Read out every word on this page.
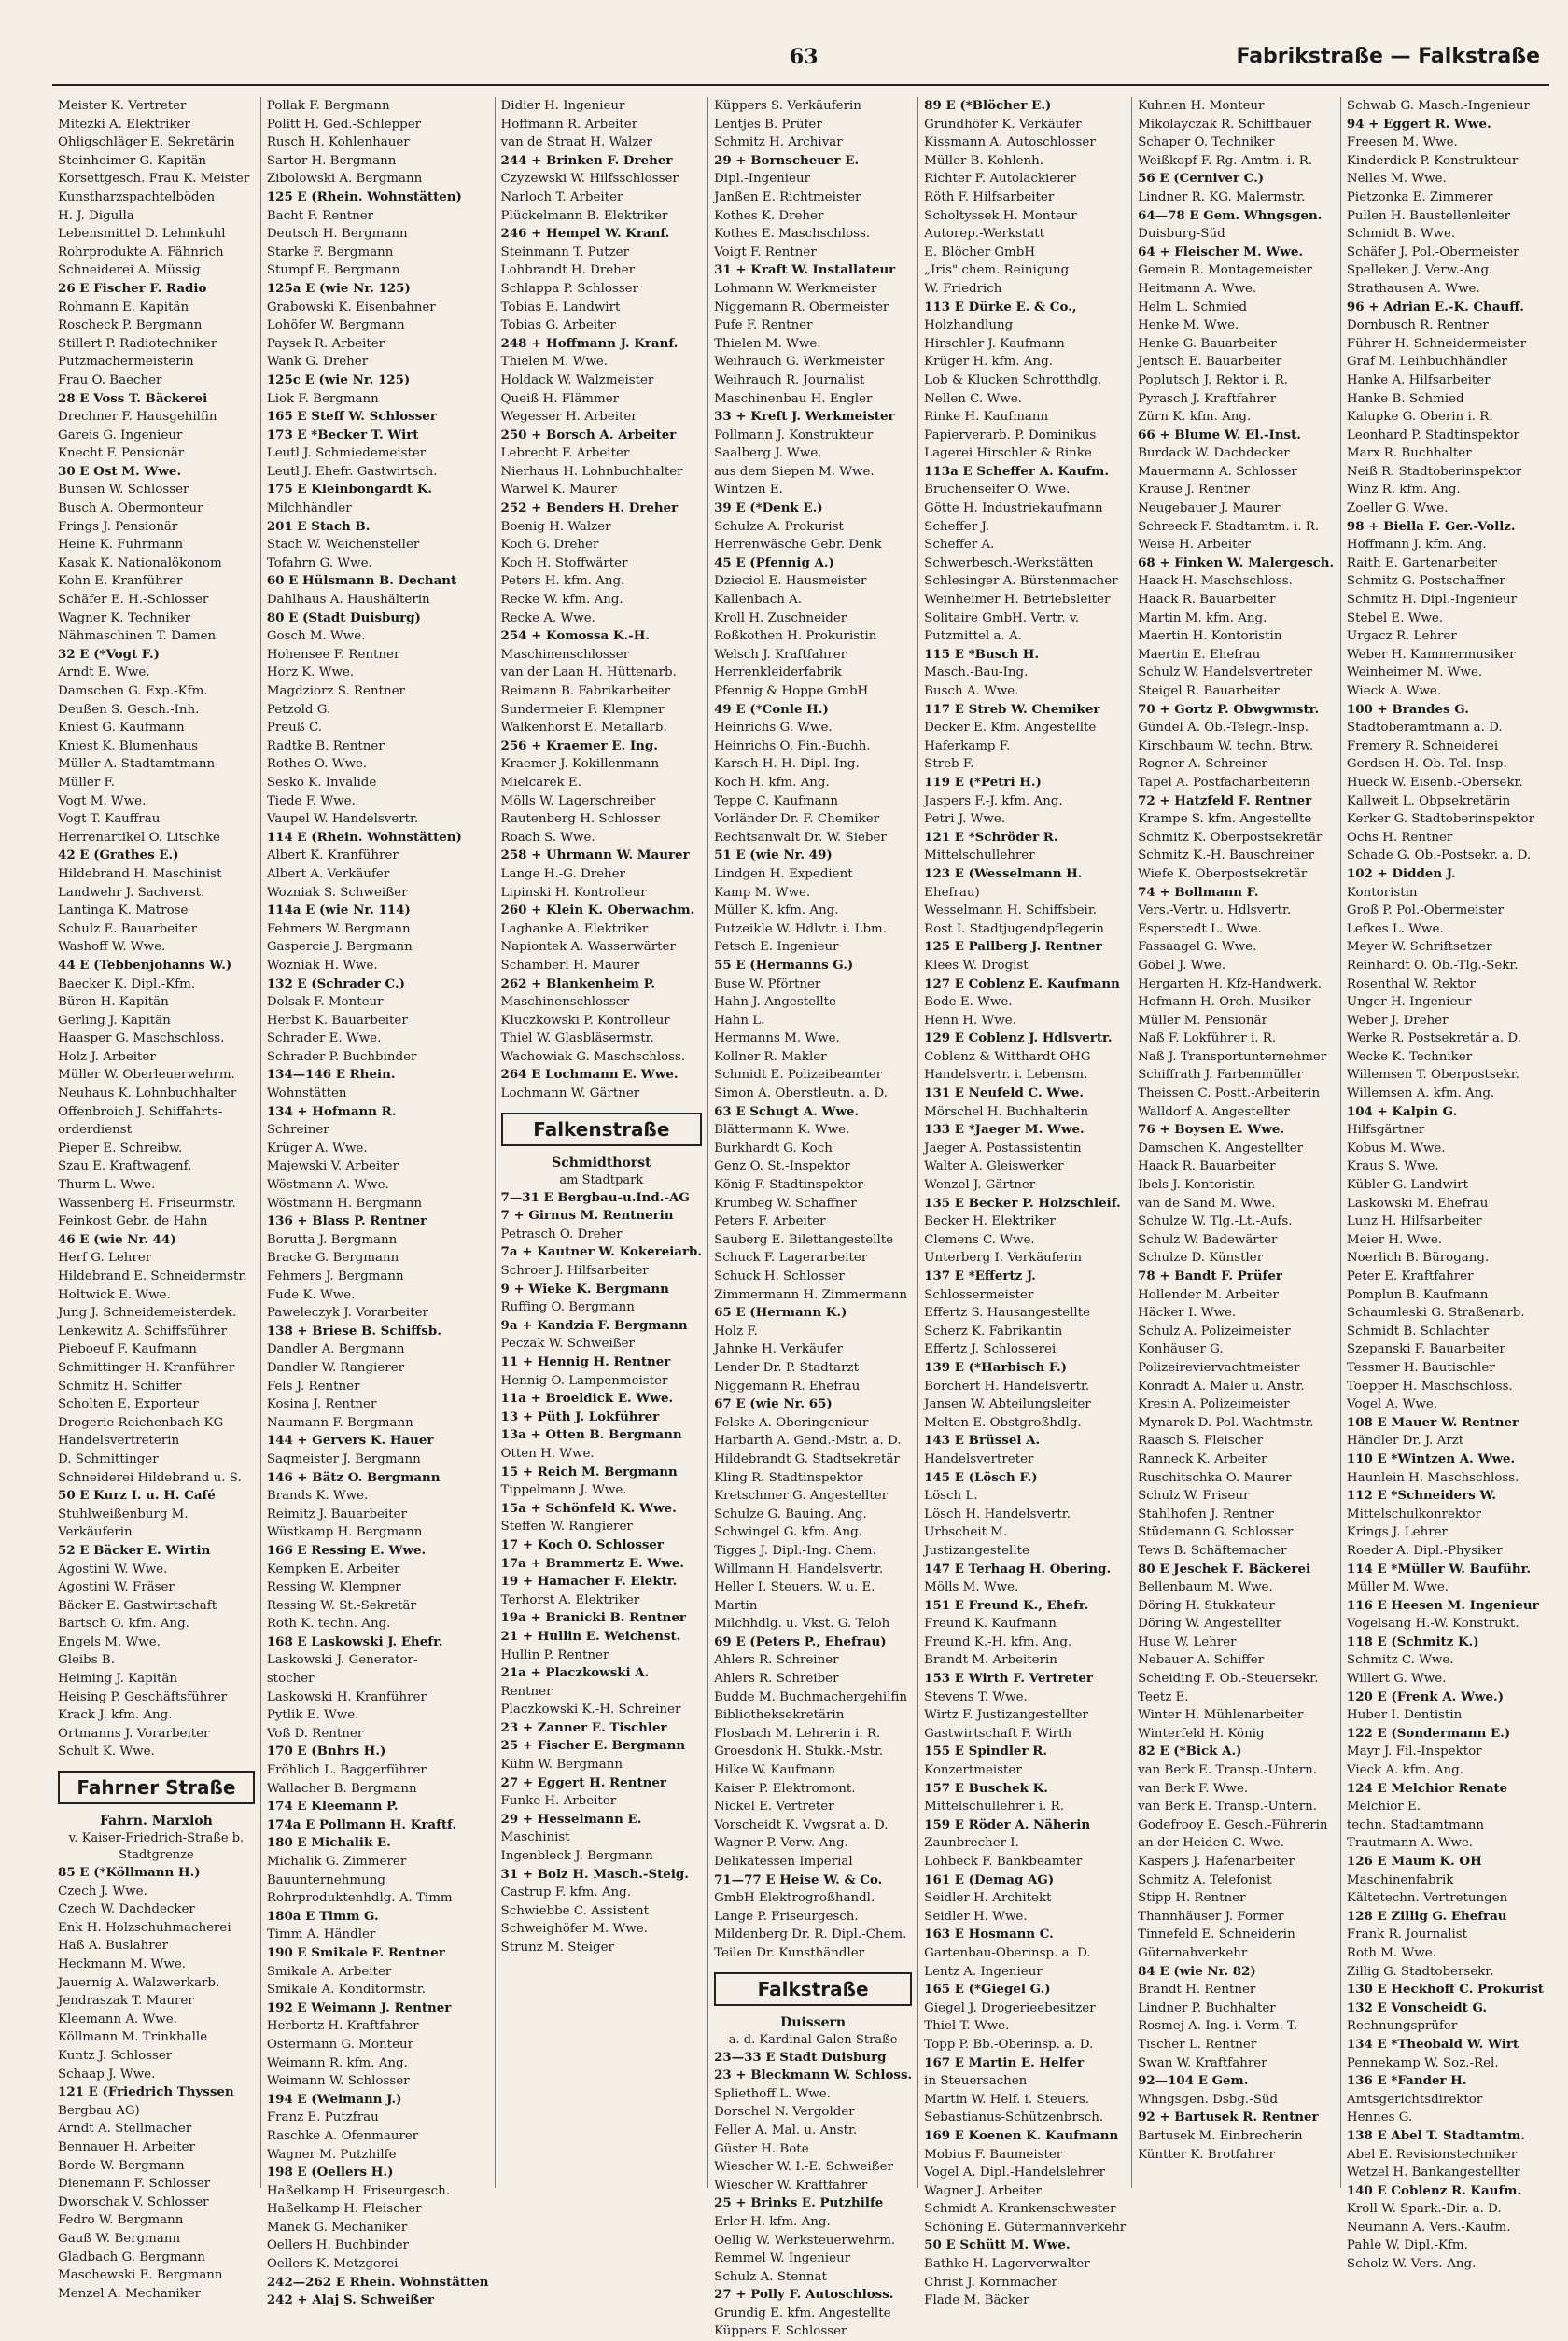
63	Fabrikstraße — Falkstraße
Meister K. Vertreter
Mitezki A. Elektriker
Ohligschläger E. Sekretärin
Steinheimer G. Kapitän
Korsettgesch. Frau K. Meister
Kunstharzspachtelböden
H. J. Digulla
Lebensmittel D. Lehmkuhl
Rohrprodukte A. Fähnrich
Schneiderei A. Müssig
26 E Fischer F. Radio
Rohmann E. Kapitän
Roscheck P. Bergmann
Stillert P. Radiotechniker
Putzmachermeisterin
Frau O. Baecher
28 E Voss T. Bäckerei
Drechner F. Hausgehilfin
Gareis G. Ingenieur
Knecht F. Pensionär
30 E Ost M. Wwe.
Bunsen W. Schlosser
Busch A. Obermonteur
Frings J. Pensionär
Heine K. Fuhrmann
Kasak K. Nationalökonom
Kohn E. Kranführer
Schäfer E. H.-Schlosser
Wagner K. Techniker
Nähmaschinen T. Damen
32 E (*Vogt F.)
Arndt E. Wwe.
Damschen G. Exp.-Kfm.
Deußen S. Gesch.-Inh.
Kniest G. Kaufmann
Kniest K. Blumenhaus
Müller A. Stadtamtmann
Müller F.
Vogt M. Wwe.
Vogt T. Kauffrau
Herrenartikel O. Litschke
42 E (Grathes E.)
Hildebrand H. Maschinist
Landwehr J. Sachverst.
Lantinga K. Matrose
Schulz E. Bauarbeiter
Washoff W. Wwe.
44 E (Tebbenjohanns W.)
Baecker K. Dipl.-Kfm.
Büren H. Kapitän
Gerling J. Kapitän
Haasper G. Maschschloss.
Holz J. Arbeiter
Müller W. Oberleuerwehrm.
Neuhaus K. Lohnbuchhalter
Offenbroich J. Schiffahrts-
orderdienst
Pieper E. Schreibw.
Szau E. Kraftwagenf.
Thurm L. Wwe.
Wassenberg H. Friseurmstr.
Feinkost Gebr. de Hahn
46 E (wie Nr. 44)
Herf G. Lehrer
Hildebrand E. Schneidermstr.
Holtwick E. Wwe.
Jung J. Schneidemeisterdek.
Lenkewitz A. Schiffsführer
Pieboeuf F. Kaufmann
Schmittinger H. Kranführer
Schmitz H. Schiffer
Scholten E. Exporteur
Drogerie Reichenbach KG
Handelsvertreterin
D. Schmittinger
Schneiderei Hildebrand u. S.
50 E Kurz I. u. H. Café
Stuhlweißenburg M.
Verkäuferin
52 E Bäcker E. Wirtin
Agostini W. Wwe.
Agostini W. Fräser
Bäcker E. Gastwirtschaft
Bartsch O. kfm. Ang.
Engels M. Wwe.
Gleibs B.
Heiming J. Kapitän
Heising P. Geschäftsführer
Krack J. kfm. Ang.
Ortmanns J. Vorarbeiter
Schult K. Wwe.
Fahrner Straße
Fahrn. Marxloh
v. Kaiser-Friedrich-Straße b. Stadtgrenze
85 E (*Köllmann H.)
Czech J. Wwe.
Czech W. Dachdecker
Enk H. Holzschuhmacherei
Haß A. Buslahrer
Heckmann M. Wwe.
Jauernig A. Walzwerkarb.
Jendraszak T. Maurer
Kleemann A. Wwe.
Köllmann M. Trinkhalle
Kuntz J. Schlosser
Schaap J. Wwe.
121 E (Friedrich Thyssen
Bergbau AG)
Arndt A. Stellmacher
Bennauer H. Arbeiter
Borde W. Bergmann
Dienemann F. Schlosser
Dworschak V. Schlosser
Fedro W. Bergmann
Gauß W. Bergmann
Gladbach G. Bergmann
Maschewski E. Bergmann
Menzel A. Mechaniker
Pollak F. Bergmann
Politt H. Ged.-Schlepper
Rusch H. Kohlenhauer
Sartor H. Bergmann
Zibolowski A. Bergmann
125 E (Rhein. Wohnstätten)
Bacht F. Rentner
Deutsch H. Bergmann
Starke F. Bergmann
Stumpf E. Bergmann
125a E (wie Nr. 125)
Grabowski K. Eisenbahner
Lohöfer W. Bergmann
Paysek R. Arbeiter
Wank G. Dreher
125c E (wie Nr. 125)
Liok F. Bergmann
165 E Steff W. Schlosser
173 E *Becker T. Wirt
Leutl J. Schmiedemeister
Leutl J. Ehefr. Gastwirtsch.
175 E Kleinbongardt K.
Milchhändler
201 E Stach B.
Stach W. Weichensteller
Tofahrn G. Wwe.
60 E Hülsmann B. Dechant
Dahlhaus A. Haushälterin
80 E (Stadt Duisburg)
Gosch M. Wwe.
Hohensee F. Rentner
Horz K. Wwe.
Magdziorz S. Rentner
Petzold G.
Preuß C.
Radtke B. Rentner
Rothes O. Wwe.
Sesko K. Invalide
Tiede F. Wwe.
Vaupel W. Handelsvertr.
114 E (Rhein. Wohnstätten)
Albert K. Kranführer
Albert A. Verkäufer
Wozniak S. Schweißer
114a E (wie Nr. 114)
Fehmers W. Bergmann
Gaspercie J. Bergmann
Wozniak H. Wwe.
132 E (Schrader C.)
Dolsak F. Monteur
Herbst K. Bauarbeiter
Schrader E. Wwe.
Schrader P. Buchbinder
134—146 E Rhein.
Wohnstätten
134 + Hofmann R.
Schreiner
Krüger A. Wwe.
Majewski V. Arbeiter
Wöstmann A. Wwe.
Wöstmann H. Bergmann
136 + Blass P. Rentner
Borutta J. Bergmann
Bracke G. Bergmann
Fehmers J. Bergmann
Fude K. Wwe.
Paweleczyk J. Vorarbeiter
138 + Briese B. Schiffsb.
Dandler A. Bergmann
Dandler W. Rangierer
Fels J. Rentner
Kosina J. Rentner
Naumann F. Bergmann
144 + Gervers K. Hauer
Saqmeister J. Bergmann
146 + Bätz O. Bergmann
Brands K. Wwe.
Reimitz J. Bauarbeiter
Wüstkamp H. Bergmann
166 E Ressing E. Wwe.
Kempken E. Arbeiter
Ressing W. Klempner
Ressing W. St.-Sekretär
Roth K. techn. Ang.
168 E Laskowski J. Ehefr.
Laskowski J. Generator-
stocher
Laskowski H. Kranführer
Pytlik E. Wwe.
Voß D. Rentner
170 E (Bnhrs H.)
Fröhlich L. Baggerführer
Wallacher B. Bergmann
174 E Kleemann P.
174a E Pollmann H. Kraftf.
180 E Michalik E.
Michalik G. Zimmerer
Bauunternehmung
Rohrproduktenhdlg. A. Timm
180a E Timm G.
Timm A. Händler
190 E Smikale F. Rentner
Smikale A. Arbeiter
Smikale A. Konditormstr.
192 E Weimann J. Rentner
Herbertz H. Kraftfahrer
Ostermann G. Monteur
Weimann R. kfm. Ang.
Weimann W. Schlosser
194 E (Weimann J.)
Franz E. Putzfrau
Raschke A. Ofenmaurer
Wagner M. Putzhilfe
198 E (Oellers H.)
Haßelkamp H. Friseurgesch.
Haßelkamp H. Fleischer
Manek G. Mechaniker
Oellers H. Buchbinder
Oellers K. Metzgerei
242—262 E Rhein. Wohnstätten
242 + Alaj S. Schweißer
Didier H. Ingenieur
Hoffmann R. Arbeiter
van de Straat H. Walzer
244 + Brinken F. Dreher
Czyzewski W. Hilfsschlosser
Narloch T. Arbeiter
Plückelmann B. Elektriker
246 + Hempel W. Kranf.
Steinmann T. Putzer
Lohbrandt H. Dreher
Schlappa P. Schlosser
Tobias E. Landwirt
Tobias G. Arbeiter
248 + Hoffmann J. Kranf.
Thielen M. Wwe.
Holdack W. Walzmeister
Queiß H. Flämmer
Wegesser H. Arbeiter
250 + Borsch A. Arbeiter
Lebrecht F. Arbeiter
Nierhaus H. Lohnbuchhalter
Warwel K. Maurer
252 + Benders H. Dreher
Boenig H. Walzer
Koch G. Dreher
Koch H. Stoffwärter
Peters H. kfm. Ang.
Recke W. kfm. Ang.
Recke A. Wwe.
254 + Komossa K.-H.
Maschinenschlosser
van der Laan H. Hüttenarb.
Reimann B. Fabrikarbeiter
Sundermeier F. Klempner
Walkenhorst E. Metallarb.
256 + Kraemer E. Ing.
Kraemer J. Kokillenmann
Mielcarek E.
Mölls W. Lagerschreiber
Rautenberg H. Schlosser
Roach S. Wwe.
258 + Uhrmann W. Maurer
Lange H.-G. Dreher
Lipinski H. Kontrolleur
260 + Klein K. Oberwachm.
Laghanke A. Elektriker
Napiontek A. Wasserwärter
Schamberl H. Maurer
262 + Blankenheim P.
Maschinenschlosser
Kluczkowski P. Kontrolleur
Thiel W. Glasbläsermstr.
Wachowiak G. Maschschloss.
264 E Lochmann E. Wwe.
Lochmann W. Gärtner
Falkenstraße
Schmidthorst
am Stadtpark
7—31 E Bergbau-u.Ind.-AG
7 + Girnus M. Rentnerin
Petrasch O. Dreher
7a + Kautner W. Kokereiarb.
Schroer J. Hilfsarbeiter
9 + Wieke K. Bergmann
Ruffing O. Bergmann
9a + Kandzia F. Bergmann
Peczak W. Schweißer
11 + Hennig H. Rentner
Hennig O. Lampenmeister
11a + Broeldick E. Wwe.
13 + Püth J. Lokführer
13a + Otten B. Bergmann
Otten H. Wwe.
15 + Reich M. Bergmann
Tippelmann J. Wwe.
15a + Schönfeld K. Wwe.
Steffen W. Rangierer
17 + Koch O. Schlosser
17a + Brammertz E. Wwe.
19 + Hamacher F. Elektr.
Terhorst A. Elektriker
19a + Branicki B. Rentner
21 + Hullin E. Weichenst.
Hullin P. Rentner
21a + Placzkowski A.
Rentner
Placzkowski K.-H. Schreiner
23 + Zanner E. Tischler
25 + Fischer E. Bergmann
Kühn W. Bergmann
27 + Eggert H. Rentner
Funke H. Arbeiter
29 + Hesselmann E.
Maschinist
Ingenbleck J. Bergmann
31 + Bolz H. Masch.-Steig.
Castrup F. kfm. Ang.
Schwiebbe C. Assistent
Schweighöfer M. Wwe.
Strunz M. Steiger
Küppers S. Verkäuferin
Lentjes B. Prüfer
Schmitz H. Archivar
29 + Bornscheuer E.
Dipl.-Ingenieur
Janßen E. Richtmeister
Kothes K. Dreher
Kothes E. Maschschloss.
Voigt F. Rentner
31 + Kraft W. Installateur
Lohmann W. Werkmeister
Niggemann R. Obermeister
Pufe F. Rentner
Thielen M. Wwe.
Weihrauch G. Werkmeister
Weihrauch R. Journalist
Maschinenbau H. Engler
33 + Kreft J. Werkmeister
Pollmann J. Konstrukteur
Saalberg J. Wwe.
aus dem Siepen M. Wwe.
Wintzen E.
39 E (*Denk E.)
Schulze A. Prokurist
Herrenwäsche Gebr. Denk
45 E (Pfennig A.)
Dzieciol E. Hausmeister
Kallenbach A.
Kroll H. Zuschneider
Roßkothen H. Prokuristin
Welsch J. Kraftfahrer
Herrenkleiderfabrik
Pfennig & Hoppe GmbH
49 E (*Conle H.)
Heinrichs G. Wwe.
Heinrichs O. Fin.-Buchh.
Karsch H.-H. Dipl.-Ing.
Koch H. kfm. Ang.
Teppe C. Kaufmann
Vorländer Dr. F. Chemiker
Rechtsanwalt Dr. W. Sieber
51 E (wie Nr. 49)
Lindgen H. Expedient
Kamp M. Wwe.
Müller K. kfm. Ang.
Putzeikle W. Hdlvtr. i. Lbm.
Petsch E. Ingenieur
55 E (Hermanns G.)
Buse W. Pförtner
Hahn J. Angestellte
Hahn L.
Hermanns M. Wwe.
Kollner R. Makler
Schmidt E. Polizeibeamter
Simon A. Oberstleutn. a. D.
63 E Schugt A. Wwe.
Blättermann K. Wwe.
Burkhardt G. Koch
Genz O. St.-Inspektor
König F. Stadtinspektor
Krumbeg W. Schaffner
Peters F. Arbeiter
Sauberg E. Bilettangestellte
Schuck F. Lagerarbeiter
Schuck H. Schlosser
Zimmermann H. Zimmermann
65 E (Hermann K.)
Holz F.
Jahnke H. Verkäufer
Lender Dr. P. Stadtarzt
Niggemann R. Ehefrau
67 E (wie Nr. 65)
Felske A. Oberingenieur
Harbarth A. Gend.-Mstr. a. D.
Hildebrandt G. Stadtsekretär
Kling R. Stadtinspektor
Kretschmer G. Angestellter
Schulze G. Bauing. Ang.
Schwingel G. kfm. Ang.
Tigges J. Dipl.-Ing. Chem.
Willmann H. Handelsvertr.
Heller I. Steuers. W. u. E.
Martin
Milchhdlg. u. Vkst. G. Teloh
69 E (Peters P., Ehefrau)
Ahlers R. Schreiner
Ahlers R. Schreiber
Budde M. Buchmachergehilfin
Bibliotheksekretärin
Flosbach M. Lehrerin i. R.
Groesdonk H. Stukk.-Mstr.
Hilke W. Kaufmann
Kaiser P. Elektromont.
Nickel E. Vertreter
Vorscheidt K. Vwgsrat a. D.
Wagner P. Verw.-Ang.
Delikatessen Imperial
71—77 E Heise W. & Co.
GmbH Elektrogroßhandl.
Lange P. Friseurgesch.
Mildenberg Dr. R. Dipl.-Chem.
Teilen Dr. Kunsthändler
Falkstraße
Duissern
a. d. Kardinal-Galen-Straße
23—33 E Stadt Duisburg
23 + Bleckmann W. Schloss.
Spliethoff L. Wwe.
Dorschel N. Vergolder
Feller A. Mal. u. Anstr.
Güster H. Bote
Wiescher W. I.-E. Schweißer
Wiescher W. Kraftfahrer
25 + Brinks E. Putzhilfe
Erler H. kfm. Ang.
Oellig W. Werksteuerwehrm.
Remmel W. Ingenieur
Schulz A. Stennat
27 + Polly F. Autoschloss.
Grundig E. kfm. Angestellte
Küppers F. Schlosser
89 E (*Blöcher E.)
Grundhöfer K. Verkäufer
Kissmann A. Autoschlosser
Müller B. Kohlenh.
Richter F. Autolackierer
Röth F. Hilfsarbeiter
Scholtyssek H. Monteur
Autorep.-Werkstatt
E. Blöcher GmbH
„Iris" chem. Reinigung
W. Friedrich
113 E Dürke E. & Co.,
Holzhandlung
Hirschler J. Kaufmann
Krüger H. kfm. Ang.
Lob & Klucken Schrotthdlg.
Nellen C. Wwe.
Rinke H. Kaufmann
Papierverarb. P. Dominikus
Lagerei Hirschler & Rinke
113a E Scheffer A. Kaufm.
Bruchenseifer O. Wwe.
Götte H. Industriekaufmann
Scheffer J.
Scheffer A.
Schwerbesch.-Werkstätten
Schlesinger A. Bürstenmacher
Weinheimer H. Betriebsleiter
Solitaire GmbH. Vertr. v.
Putzmittel a. A.
115 E *Busch H.
Masch.-Bau-Ing.
Busch A. Wwe.
117 E Streb W. Chemiker
Decker E. Kfm. Angestellte
Haferkamp F.
Streb F.
119 E (*Petri H.)
Jaspers F.-J. kfm. Ang.
Petri J. Wwe.
121 E *Schröder R.
Mittelschullehrer
123 E (Wesselmann H.
Ehefrau)
Wesselmann H. Schiffsbeir.
Rost I. Stadtjugendpflegerin
125 E Pallberg J. Rentner
Klees W. Drogist
127 E Coblenz E. Kaufmann
Bode E. Wwe.
Henn H. Wwe.
129 E Coblenz J. Hdlsvertr.
Coblenz & Witthardt OHG
Handelsvertr. i. Lebensm.
131 E Neufeld C. Wwe.
Mörschel H. Buchhalterin
133 E *Jaeger M. Wwe.
Jaeger A. Postassistentin
Walter A. Gleiswerker
Wenzel J. Gärtner
135 E Becker P. Holzschleif.
Becker H. Elektriker
Clemens C. Wwe.
Unterberg I. Verkäuferin
137 E *Effertz J.
Schlossermeister
Effertz S. Hausangestellte
Scherz K. Fabrikantin
Effertz J. Schlosserei
139 E (*Harbisch F.)
Borchert H. Handelsvertr.
Jansen W. Abteilungsleiter
Melten E. Obstgroßhdlg.
143 E Brüssel A.
Handelsvertreter
145 E (Lösch F.)
Lösch L.
Lösch H. Handelsvertr.
Urbscheit M.
Justizangestellte
147 E Terhaag H. Obering.
Mölls M. Wwe.
151 E Freund K., Ehefr.
Freund K. Kaufmann
Freund K.-H. kfm. Ang.
Brandt M. Arbeiterin
153 E Wirth F. Vertreter
Stevens T. Wwe.
Wirtz F. Justizangestellter
Gastwirtschaft F. Wirth
155 E Spindler R.
Konzertmeister
157 E Buschek K.
Mittelschullehrer i. R.
159 E Röder A. Näherin
Zaunbrecher I.
Lohbeck F. Bankbeamter
161 E (Demag AG)
Seidler H. Architekt
Seidler H. Wwe.
163 E Hosmann C.
Gartenbau-Oberinsp. a. D.
Lentz A. Ingenieur
165 E (*Giegel G.)
Giegel J. Drogerieebesitzer
Thiel T. Wwe.
Topp P. Bb.-Oberinsp. a. D.
167 E Martin E. Helfer
in Steuersachen
Martin W. Helf. i. Steuers.
Sebastianus-Schützenbrsch.
169 E Koenen K. Kaufmann
Mobius F. Baumeister
Vogel A. Dipl.-Handelslehrer
Wagner J. Arbeiter
Schmidt A. Krankenschwester
Schöning E. Gütermannverkehr
50 E Schütt M. Wwe.
Bathke H. Lagerverwalter
Christ J. Kornmacher
Flade M. Bäcker
Kuhnen H. Monteur
Mikolayczak R. Schiffbauer
Schaper O. Techniker
Weißkopf F. Rg.-Amtm. i. R.
56 E (Cerniver C.)
Lindner R. KG. Malermstr.
64—78 E Gem. Whngsgen.
Duisburg-Süd
64 + Fleischer M. Wwe.
Gemein R. Montagemeister
Heitmann A. Wwe.
Helm L. Schmied
Henke M. Wwe.
Henke G. Bauarbeiter
Jentsch E. Bauarbeiter
Poplutsch J. Rektor i. R.
Pyrasch J. Kraftfahrer
Zürn K. kfm. Ang.
66 + Blume W. El.-Inst.
Burdack W. Dachdecker
Mauermann A. Schlosser
Krause J. Rentner
Neugebauer J. Maurer
Schreeck F. Stadtamtm. i. R.
Weise H. Arbeiter
68 + Finken W. Malergesch.
Haack H. Maschschloss.
Haack R. Bauarbeiter
Martin M. kfm. Ang.
Maertin H. Kontoristin
Maertin E. Ehefrau
Schulz W. Handelsvertreter
Steigel R. Bauarbeiter
70 + Gortz P. Obwgwmstr.
Gündel A. Ob.-Telegr.-Insp.
Kirschbaum W. techn. Btrw.
Rogner A. Schreiner
Tapel A. Postfacharbeiterin
72 + Hatzfeld F. Rentner
Krampe S. kfm. Angestellte
Schmitz K. Oberpostsekretär
Schmitz K.-H. Bauschreiner
Wiefe K. Oberpostsekretär
74 + Bollmann F.
Vers.-Vertr. u. Hdlsvertr.
Esperstedt L. Wwe.
Fassaagel G. Wwe.
Göbel J. Wwe.
Hergarten H. Kfz-Handwerk.
Hofmann H. Orch.-Musiker
Müller M. Pensionär
Naß F. Lokführer i. R.
Naß J. Transportunternehmer
Schiffrath J. Farbenmüller
Theissen C. Postt.-Arbeiterin
Walldorf A. Angestellter
76 + Boysen E. Wwe.
Damschen K. Angestellter
Haack R. Bauarbeiter
Ibels J. Kontoristin
van de Sand M. Wwe.
Schulze W. Tlg.-Lt.-Aufs.
Schulz W. Badewärter
Schulze D. Künstler
78 + Bandt F. Prüfer
Hollender M. Arbeiter
Häcker I. Wwe.
Schulz A. Polizeimeister
Konhäuser G.
Polizeireviervachtmeister
Konradt A. Maler u. Anstr.
Kresin A. Polizeimeister
Mynarek D. Pol.-Wachtmstr.
Raasch S. Fleischer
Ranneck K. Arbeiter
Ruschitschka O. Maurer
Schulz W. Friseur
Stahlhofen J. Rentner
Stüdemann G. Schlosser
Tews B. Schäftemacher
80 E Jeschek F. Bäckerei
Bellenbaum M. Wwe.
Döring H. Stukkateur
Döring W. Angestellter
Huse W. Lehrer
Nebauer A. Schiffer
Scheiding F. Ob.-Steuersekr.
Teetz E.
Winter H. Mühlenarbeiter
Winterfeld H. König
82 E (*Bick A.)
van Berk E. Transp.-Untern.
van Berk F. Wwe.
van Berk E. Transp.-Untern.
Godefrooy E. Gesch.-Führerin
an der Heiden C. Wwe.
Kaspers J. Hafenarbeiter
Schmitz A. Telefonist
Stipp H. Rentner
Thannhäuser J. Former
Tinnefeld E. Schneiderin
Güternahverkehr
84 E (wie Nr. 82)
Brandt H. Rentner
Lindner P. Buchhalter
Rosmej A. Ing. i. Verm.-T.
Tischer L. Rentner
Swan W. Kraftfahrer
92—104 E Gem.
Whngsgen. Dsbg.-Süd
92 + Bartusek R. Rentner
Bartusek M. Einbrecherin
Küntter K. Brotfahrer
Schwab G. Masch.-Ingenieur
94 + Eggert R. Wwe.
Freesen M. Wwe.
Kinderdick P. Konstrukteur
Nelles M. Wwe.
Pietzonka E. Zimmerer
Pullen H. Baustellenleiter
Schmidt B. Wwe.
Schäfer J. Pol.-Obermeister
Spelleken J. Verw.-Ang.
Strathausen A. Wwe.
96 + Adrian E.-K. Chauff.
Dornbusch R. Rentner
Führer H. Schneidermeister
Graf M. Leihbuchhändler
Hanke A. Hilfsarbeiter
Hanke B. Schmied
Kalupke G. Oberin i. R.
Leonhard P. Stadtinspektor
Marx R. Buchhalter
Neiß R. Stadtoberinspektor
Winz R. kfm. Ang.
Zoeller G. Wwe.
98 + Biella F. Ger.-Vollz.
Hoffmann J. kfm. Ang.
Raith E. Gartenarbeiter
Schmitz G. Postschaffner
Schmitz H. Dipl.-Ingenieur
Stebel E. Wwe.
Urgacz R. Lehrer
Weber H. Kammermusiker
Weinheimer M. Wwe.
Wieck A. Wwe.
100 + Brandes G.
Stadtoberamtmann a. D.
Fremery R. Schneiderei
Gerdsen H. Ob.-Tel.-Insp.
Hueck W. Eisenb.-Obersekr.
Kallweit L. Obpsekretärin
Kerker G. Stadtoberinspektor
Ochs H. Rentner
Schade G. Ob.-Postsekr. a. D.
102 + Didden J.
Kontoristin
Groß P. Pol.-Obermeister
Lefkes L. Wwe.
Meyer W. Schriftsetzer
Reinhardt O. Ob.-Tlg.-Sekr.
Rosenthal W. Rektor
Unger H. Ingenieur
Weber J. Dreher
Werke R. Postsekretär a. D.
Wecke K. Techniker
Willemsen T. Oberpostsekr.
Willemsen A. kfm. Ang.
104 + Kalpin G.
Hilfsgärtner
Kobus M. Wwe.
Kraus S. Wwe.
Kübler G. Landwirt
Laskowski M. Ehefrau
Lunz H. Hilfsarbeiter
Meier H. Wwe.
Noerlich B. Bürogang.
Peter E. Kraftfahrer
Pomplun B. Kaufmann
Schaumleski G. Straßenarb.
Schmidt B. Schlachter
Szepanski F. Bauarbeiter
Tessmer H. Bautischler
Toepper H. Maschschloss.
Vogel A. Wwe.
108 E Mauer W. Rentner
Händler Dr. J. Arzt
110 E *Wintzen A. Wwe.
Haunlein H. Maschschloss.
112 E *Schneiders W.
Mittelschulkonrektor
Krings J. Lehrer
Roeder A. Dipl.-Physiker
114 E *Müller W. Bauführ.
Müller M. Wwe.
116 E Heesen M. Ingenieur
Vogelsang H.-W. Konstrukt.
118 E (Schmitz K.)
Schmitz C. Wwe.
Willert G. Wwe.
120 E (Frenk A. Wwe.)
Huber I. Dentistin
122 E (Sondermann E.)
Mayr J. Fil.-Inspektor
Vieck A. kfm. Ang.
124 E Melchior Renate
Melchior E.
techn. Stadtamtmann
Trautmann A. Wwe.
126 E Maum K. OH
Maschinenfabrik
Kältetechn. Vertretungen
128 E Zillig G. Ehefrau
Frank R. Journalist
Roth M. Wwe.
Zillig G. Stadtobersekr.
130 E Heckhoff C. Prokurist
132 E Vonscheidt G.
Rechnungsprüfer
134 E *Theobald W. Wirt
Pennekamp W. Soz.-Rel.
136 E *Fander H.
Amtsgerichtsdirektor
Hennes G.
138 E Abel T. Stadtamtm.
Abel E. Revisionstechniker
Wetzel H. Bankangestellter
140 E Coblenz R. Kaufm.
Kroll W. Spark.-Dir. a. D.
Neumann A. Vers.-Kaufm.
Pahle W. Dipl.-Kfm.
Scholz W. Vers.-Ang.
